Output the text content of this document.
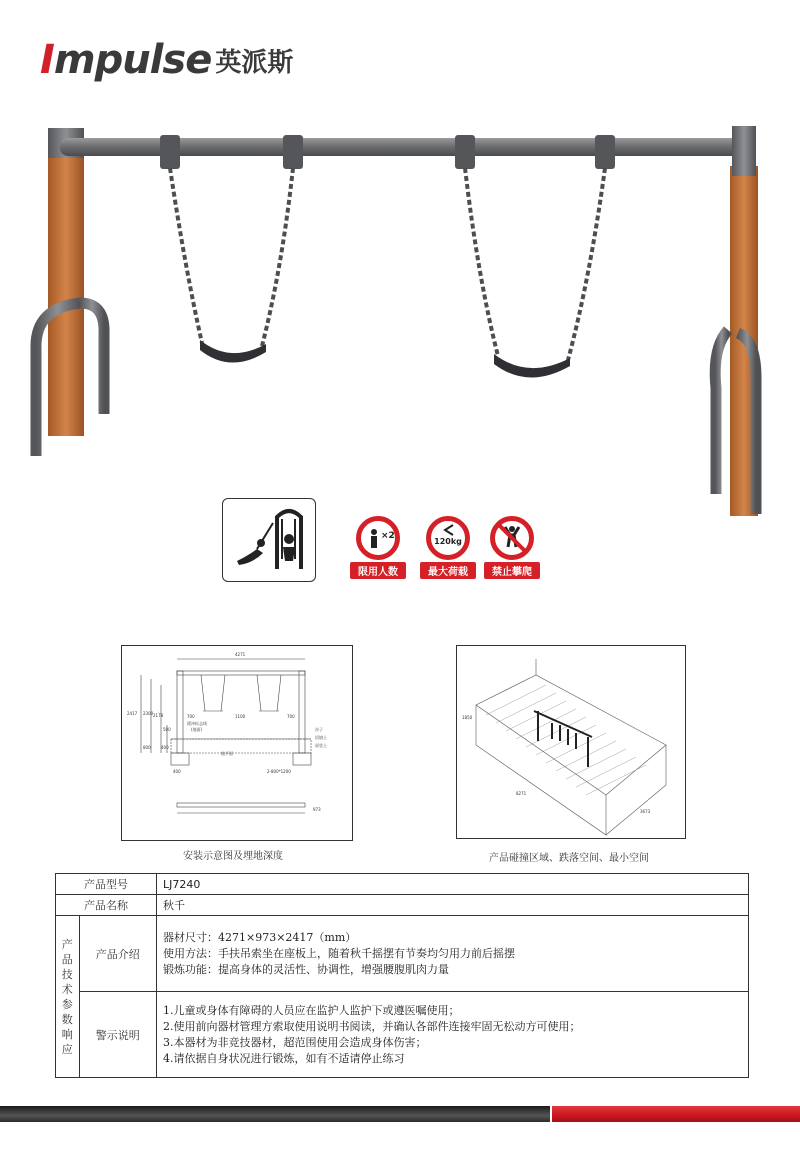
Impulse 英派斯
×2
限用人数
120kg
最大荷载	禁止攀爬
4271
700	1100	700
2417 2300 2178
500
800	400
400
缓冲标志线
(地面)
地平面
沙子
回填土
原状土
2-800*1200
973
安装示意图及埋地深度
1850
8271
3673
产品碰撞区域、跌落空间、最小空间
产品型号		LJ7240
产品名称		秋千
产品技术参数响应	产品介绍	器材尺寸：4271×973×2417（mm）
使用方法：手扶吊索坐在座板上，随着秋千摇摆有节奏均匀用力前后摇摆
锻炼功能：提高身体的灵活性、协调性，增强腰腹肌肉力量

	警示说明	1.儿童或身体有障碍的人员应在监护人监护下或遵医嘱使用；
2.使用前向器材管理方索取使用说明书阅读，并确认各部件连接牢固无松动方可使用；
3.本器材为非竞技器材，超范围使用会造成身体伤害；
4.请依据自身状况进行锻炼，如有不适请停止练习
